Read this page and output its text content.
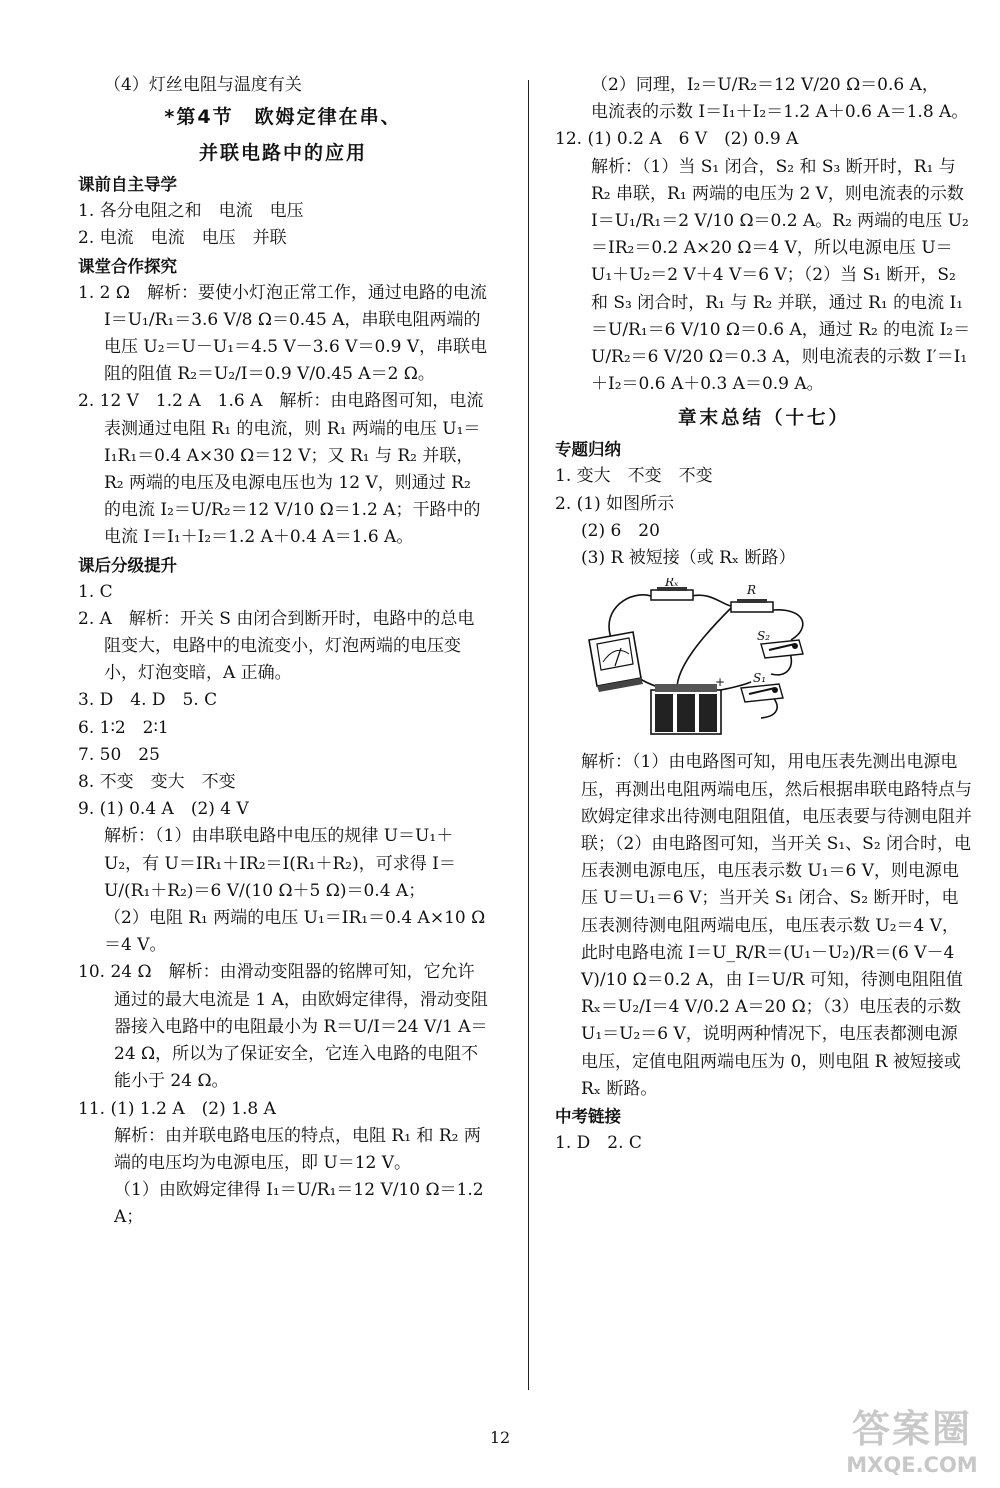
（4）灯丝电阻与温度有关

*第4节　欧姆定律在串、

并联电路中的应用

课前自主导学

1. 各分电阻之和　电流　电压

2. 电流　电流　电压　并联

课堂合作探究

1. 2 Ω　解析：要使小灯泡正常工作，通过电路的电流 I＝U₁/R₁＝3.6 V/8 Ω＝0.45 A，串联电阻两端的电压 U₂＝U－U₁＝4.5 V－3.6 V＝0.9 V，串联电阻的阻值 R₂＝U₂/I＝0.9 V/0.45 A＝2 Ω。

2. 12 V　1.2 A　1.6 A　解析：由电路图可知，电流表测通过电阻 R₁ 的电流，则 R₁ 两端的电压 U₁＝I₁R₁＝0.4 A×30 Ω＝12 V；又 R₁ 与 R₂ 并联，R₂ 两端的电压及电源电压也为 12 V，则通过 R₂ 的电流 I₂＝U/R₂＝12 V/10 Ω＝1.2 A；干路中的电流 I＝I₁＋I₂＝1.2 A＋0.4 A＝1.6 A。

课后分级提升

1. C

2. A　解析：开关 S 由闭合到断开时，电路中的总电阻变大，电路中的电流变小，灯泡两端的电压变小，灯泡变暗，A 正确。

3. D　4. D　5. C

6. 1∶2　2∶1

7. 50　25

8. 不变　变大　不变

9. (1) 0.4 A　(2) 4 V

解析：（1）由串联电路中电压的规律 U＝U₁＋U₂，有 U＝IR₁＋IR₂＝I(R₁＋R₂)，可求得 I＝U/(R₁＋R₂)＝6 V/(10 Ω＋5 Ω)＝0.4 A；

（2）电阻 R₁ 两端的电压 U₁＝IR₁＝0.4 A×10 Ω＝4 V。

10. 24 Ω　解析：由滑动变阻器的铭牌可知，它允许通过的最大电流是 1 A，由欧姆定律得，滑动变阻器接入电路中的电阻最小为 R＝U/I＝24 V/1 A＝24 Ω，所以为了保证安全，它连入电路的电阻不能小于 24 Ω。

11. (1) 1.2 A　(2) 1.8 A

解析：由并联电路电压的特点，电阻 R₁ 和 R₂ 两端的电压均为电源电压，即 U＝12 V。

（1）由欧姆定律得 I₁＝U/R₁＝12 V/10 Ω＝1.2 A；

（2）同理，I₂＝U/R₂＝12 V/20 Ω＝0.6 A，

电流表的示数 I＝I₁＋I₂＝1.2 A＋0.6 A＝1.8 A。

12. (1) 0.2 A　6 V　(2) 0.9 A

解析：（1）当 S₁ 闭合，S₂ 和 S₃ 断开时，R₁ 与 R₂ 串联，R₁ 两端的电压为 2 V，则电流表的示数 I＝U₁/R₁＝2 V/10 Ω＝0.2 A。R₂ 两端的电压 U₂＝IR₂＝0.2 A×20 Ω＝4 V，所以电源电压 U＝U₁＋U₂＝2 V＋4 V＝6 V；（2）当 S₁ 断开，S₂ 和 S₃ 闭合时，R₁ 与 R₂ 并联，通过 R₁ 的电流 I₁＝U/R₁＝6 V/10 Ω＝0.6 A，通过 R₂ 的电流 I₂＝U/R₂＝6 V/20 Ω＝0.3 A，则电流表的示数 I′＝I₁＋I₂＝0.6 A＋0.3 A＝0.9 A。

章末总结（十七）

专题归纳

1. 变大　不变　不变

2. (1) 如图所示

(2) 6　20

(3) R 被短接（或 Rₓ 断路）

Rₓ
R
S₂
S₁
+

解析：（1）由电路图可知，用电压表先测出电源电压，再测出电阻两端电压，然后根据串联电路特点与欧姆定律求出待测电阻阻值，电压表要与待测电阻并联；（2）由电路图可知，当开关 S₁、S₂ 闭合时，电压表测电源电压，电压表示数 U₁＝6 V，则电源电压 U＝U₁＝6 V；当开关 S₁ 闭合、S₂ 断开时，电压表测待测电阻两端电压，电压表示数 U₂＝4 V，此时电路电流 I＝U_R/R＝(U₁－U₂)/R＝(6 V－4 V)/10 Ω＝0.2 A，由 I＝U/R 可知，待测电阻阻值 Rₓ＝U₂/I＝4 V/0.2 A＝20 Ω；（3）电压表的示数 U₁＝U₂＝6 V，说明两种情况下，电压表都测电源电压，定值电阻两端电压为 0，则电阻 R 被短接或 Rₓ 断路。

中考链接

1. D　2. C

12	答案圈
MXQE.COM
